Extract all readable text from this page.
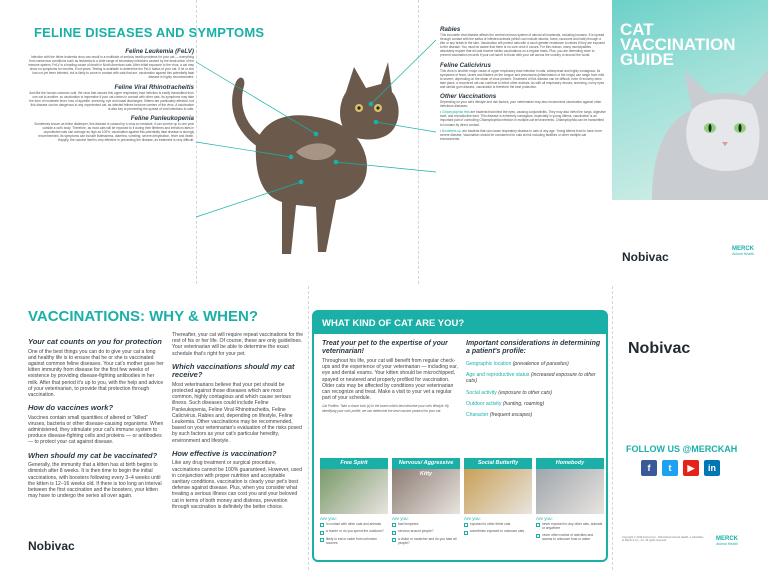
FELINE DISEASES AND SYMPTOMS
Feline Leukemia (FeLV)
Infection with the feline leukemia virus can result in a multitude of serious health problems for your cat — everything from cancerous conditions such as leukemia to a wide range of secondary infections caused by the destruction of the immune system. FeLV is a leading cause of death in North American cats. After initial exposure to the virus, a cat may show no symptoms for months, if not years. Testing is available to determine the FeLV status of your cat. If he or she has not yet been infected, but is likely to come in contact with cats that are, vaccination against this potentially fatal disease is highly recommended.
Feline Viral Rhinotracheitis
Just like the human common cold, the virus that causes this upper respiratory tract infection is easily transmitted from one cat to another, so vaccination is imperative if your cat comes in contact with other cats. Its symptoms may take the form of moderate fever, loss of appetite, sneezing, eye and nasal discharges. Kittens are particularly affected, but this disease can be dangerous in any unprotected cat, as infected felines become carriers of the virus. A vaccination is also key to preventing the spread of viral infections to cats.
Feline Panleukopenia
Sometimes known as feline distemper, this disease is caused by a virus so resistant, it can survive up to one year outside a cat’s body. Therefore, as most cats will be exposed to it during their lifetimes and infection rates in unprotected cats can average as high as 100%, vaccination against this potentially fatal disease is strongly recommended. Its symptoms can include listlessness, diarrhea, vomiting, severe dehydration, fever and death. Happily, the vaccine itself is very effective in preventing the disease, as treatment is very difficult.
Rabies
This incurable viral disease affects the central nervous system of almost all mammals, including humans. It is spread through contact with the saliva of infected animals (which can include skunks, foxes, raccoons and bats) through a bite or any break in the skin. Vaccination will protect cats with a much greater resistance to rabies if they are exposed to the disease. You must be aware that there is no cure once it occurs. For this reason, many municipalities absolutely require that all cats receive rabies vaccinations on a regular basis. Plus, you are defending more to prevent vaccination records if your cat hasn't to those with your cat across the country or around the world.
Feline Calicivirus
This virus is another major cause of upper respiratory tract infection in cats, widespread and highly contagious. Its symptoms of fever, ulcers and blisters on the tongue and pneumonia (inflammation of the lungs) can range from mild to severe, depending on the strain of virus present. Treatment of this disease can be difficult, even if recovery does take place, a recovered cat can continue to infect other animals. As with all respiratory viruses, sneezing, runny eyes and similar gum disease, vaccination is therefore the best protection.
Other Vaccinations
Depending on your cat's lifestyle and risk factors, your veterinarian may also recommend vaccination against other infectious diseases:
• Chlamydophila felis are bacteria that infect the eyes, causing conjunctivitis. They may also infect the lungs, digestive tract, and reproductive tract. This disease is extremely contagious, especially in young kittens, vaccination is an important part of controlling Chlamydophila infection in multiple-cat environments. Chlamydophila can be transmitted to humans by direct contact.
• Bordetella sp. are bacteria that can cause respiratory disease in cats of any age. Young kittens tend to have more severe disease. Vaccination should be considered for cats at risk including facilities or other multiple-cat environments.
CAT
VACCINATION
GUIDE
Nobivac
MERCK
Animal Health
VACCINATIONS: WHY & WHEN?
Your cat counts on you for protection
One of the best things you can do to give your cat a long and healthy life is to ensure that he or she is vaccinated against common feline diseases. Your cat's mother gave her kitten immunity from disease for the first few weeks of existence by providing disease-fighting antibodies in her milk. After that period it's up to you, with the help and advice of your veterinarian, to provide that protection through vaccination.
How do vaccines work?
Vaccines contain small quantities of altered or "killed" viruses, bacteria or other disease-causing organisms. When administered, they stimulate your cat's immune system to produce disease-fighting cells and proteins — or antibodies — to protect your cat against disease.
When should my cat be vaccinated?
Generally, the immunity that a kitten has at birth begins to diminish after 8 weeks. It is then time to begin the initial vaccinations, with boosters following every 3–4 weeks until the kitten is 12–16 weeks old. If there is too long an interval between the first vaccination and the boosters, your kitten may have to undergo the series all over again.
Thereafter, your cat will require repeat vaccinations for the rest of his or her life. Of course, these are only guidelines. Your veterinarian will be able to determine the exact schedule that's right for your pet.
Which vaccinations should my cat receive?
Most veterinarians believe that your pet should be protected against those diseases which are most common, highly contagious and which cause serious illness. Such diseases could include Feline Panleukopenia, Feline Viral Rhinotracheitis, Feline Calicivirus, Rabies and, depending on lifestyle, Feline Leukemia. Other vaccinations may be recommended, based on your veterinarian's evaluation of the risks posed by such factors as your cat's particular heredity, environment and lifestyle.
How effective is vaccination?
Like any drug treatment or surgical procedure, vaccinations cannot be 100% guaranteed. However, used in conjunction with proper nutrition and acceptable sanitary conditions, vaccination is clearly your pet's best defense against disease. Plus, when you consider what treating a serious illness can cost you and your beloved cat in terms of both money and distress, prevention through vaccination is definitely the better choice.
Nobivac
WHAT KIND OF CAT ARE YOU?
Treat your pet to the expertise of your veterinarian!
Throughout his life, your cat will benefit from regular check-ups and the experience of your veterinarian — including ear, eye and dental exams. Your kitten should be microchipped, spayed or neutered and properly profiled for vaccination. Older cats may be affected by conditions your veterinarian can recognize and treat. Make a visit to your vet a regular part of your schedule.
Cat Profiles: Take a closer look (x) to the boxes which best describe your cat's lifestyle. By identifying your cat's profile, we can determine the best vaccine protocol for your cat.
Important considerations in determining a patient's profile:
Geographic location (prevalence of parasites)
Age and reproductive status (increased exposure to other cats)
Social activity (exposure to other cats)
Outdoor activity (hunting, roaming)
Character (frequent escapes)
Free Spirit
Are you:
in contact with other cats and animals
a hunter or do you spend the outdoors?
likely to eat or catch from unknown sources
Nervous/ Aggressive Kitty
Are you:
bad tempered
nervous around people?
a visitor or scratcher and do you hate all people?
Social Butterfly
Are you:
exposed to other feline cats
sometimes exposed to unknown cats
Homebody
Are you:
never exposed to any other cats, animals or anywhere
never often routine of activities and access to unknown food or water
Nobivac
FOLLOW US @MERCKAH
f	t	▶	in
Copyright © 2019 Intervet Inc., d/b/a Merck Animal Health, a subsidiary of Merck & Co., Inc. All rights reserved.	MERCK
Animal Health
